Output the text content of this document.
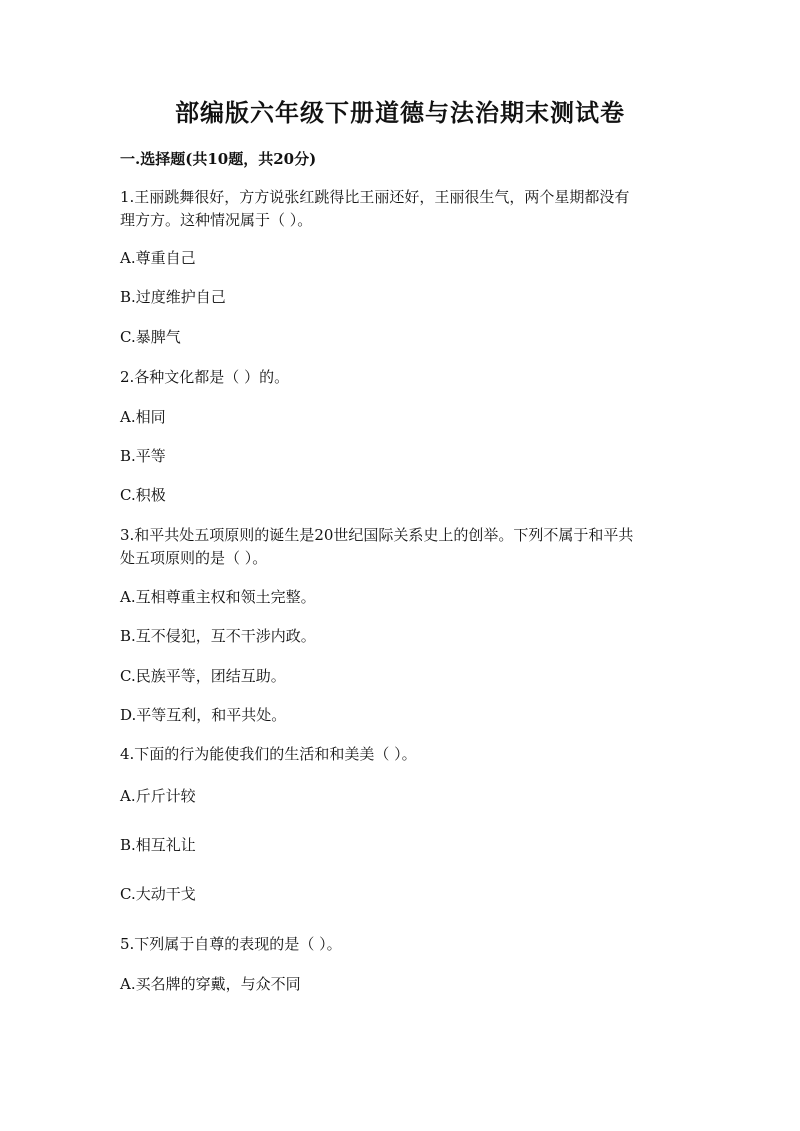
部编版六年级下册道德与法治期末测试卷
一.选择题(共10题，共20分)
1.王丽跳舞很好，方方说张红跳得比王丽还好，王丽很生气，两个星期都没有
理方方。这种情况属于（ ）。
A.尊重自己
B.过度维护自己
C.暴脾气
2.各种文化都是（ ）的。
A.相同
B.平等
C.积极
3.和平共处五项原则的诞生是20世纪国际关系史上的创举。下列不属于和平共
处五项原则的是（ ）。
A.互相尊重主权和领土完整。
B.互不侵犯，互不干涉内政。
C.民族平等，团结互助。
D.平等互利，和平共处。
4.下面的行为能使我们的生活和和美美（ ）。
A.斤斤计较
B.相互礼让
C.大动干戈
5.下列属于自尊的表现的是（ ）。
A.买名牌的穿戴，与众不同
